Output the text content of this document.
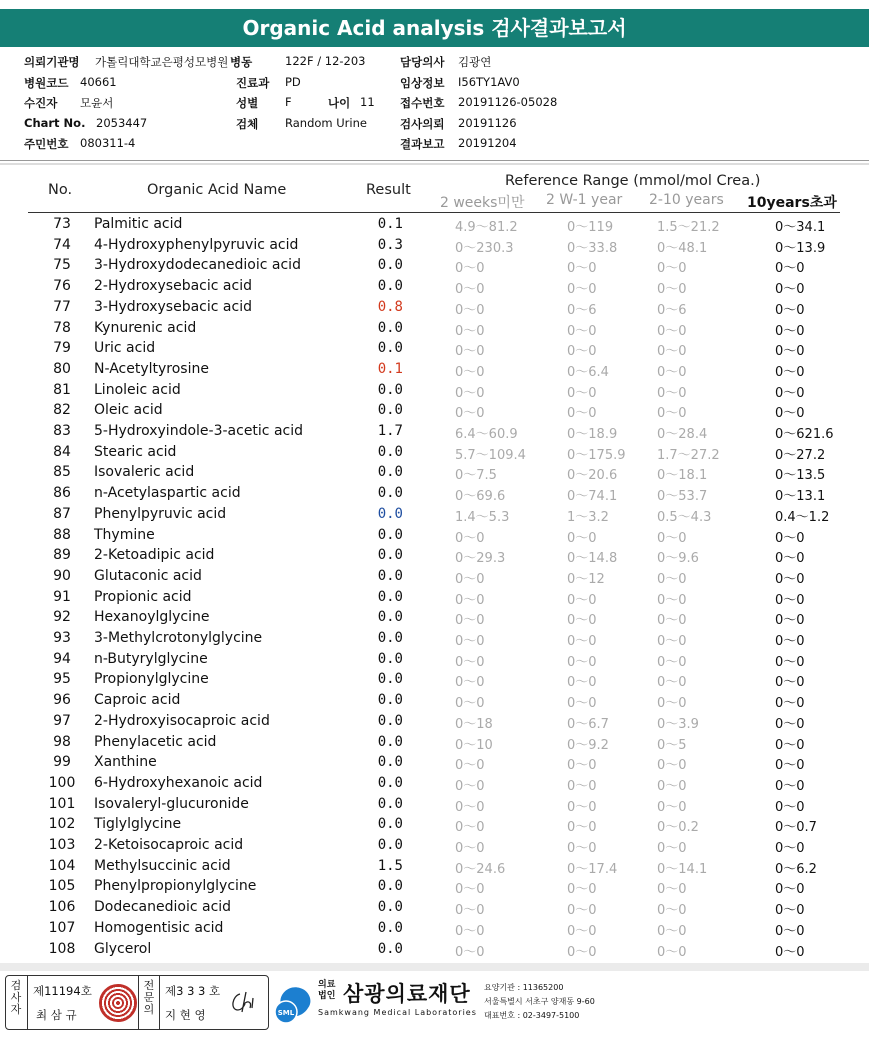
Organic Acid analysis 검사결과보고서
의뢰기관명 가톨릭대학교은평성모병원 병동	122F / 12-203	담당의사 김광연
병원코드 40661	진료과 PD	임상정보 I56TY1AV0
수진자 모윤서	성별 F	나이 11 접수번호 20191126-05028
Chart No. 2053447	검체 Random Urine	검사의뢰 20191126
주민번호 080311-4	결과보고 20191204
No.	Organic Acid Name	Result
Reference Range (mmol/mol Crea.)
2 weeks미만 2 W-1 year 2-10 years 10years초과
73	Palmitic acid	0.1	4.9～81.2	0～119	1.5～21.2	0～34.1
74	4-Hydroxyphenylpyruvic acid	0.3	0～230.3	0～33.8	0～48.1	0～13.9
75	3-Hydroxydodecanedioic acid	0.0	0～0	0～0	0～0	0～0
76	2-Hydroxysebacic acid	0.0	0～0	0～0	0～0	0～0
77	3-Hydroxysebacic acid	0.8	0～0	0～6	0～6	0～0
78	Kynurenic acid	0.0	0～0	0～0	0～0	0～0
79	Uric acid	0.0	0～0	0～0	0～0	0～0
80	N-Acetyltyrosine	0.1	0～0	0～6.4	0～0	0～0
81	Linoleic acid	0.0	0～0	0～0	0～0	0～0
82	Oleic acid	0.0	0～0	0～0	0～0	0～0
83	5-Hydroxyindole-3-acetic acid	1.7	6.4～60.9	0～18.9	0～28.4	0～621.6
84	Stearic acid	0.0	5.7～109.4	0～175.9	1.7～27.2	0～27.2
85	Isovaleric acid	0.0	0～7.5	0～20.6	0～18.1	0～13.5
86	n-Acetylaspartic acid	0.0	0～69.6	0～74.1	0～53.7	0～13.1
87	Phenylpyruvic acid	0.0	1.4～5.3	1～3.2	0.5～4.3	0.4～1.2
88	Thymine	0.0	0～0	0～0	0～0	0～0
89	2-Ketoadipic acid	0.0	0～29.3	0～14.8	0～9.6	0～0
90	Glutaconic acid	0.0	0～0	0～12	0～0	0～0
91	Propionic acid	0.0	0～0	0～0	0～0	0～0
92	Hexanoylglycine	0.0	0～0	0～0	0～0	0～0
93	3-Methylcrotonylglycine	0.0	0～0	0～0	0～0	0～0
94	n-Butyrylglycine	0.0	0～0	0～0	0～0	0～0
95	Propionylglycine	0.0	0～0	0～0	0～0	0～0
96	Caproic acid	0.0	0～0	0～0	0～0	0～0
97	2-Hydroxyisocaproic acid	0.0	0～18	0～6.7	0～3.9	0～0
98	Phenylacetic acid	0.0	0～10	0～9.2	0～5	0～0
99	Xanthine	0.0	0～0	0～0	0～0	0～0
100	6-Hydroxyhexanoic acid	0.0	0～0	0～0	0～0	0～0
101	Isovaleryl-glucuronide	0.0	0～0	0～0	0～0	0～0
102	Tiglylglycine	0.0	0～0	0～0	0～0.2	0～0.7
103	2-Ketoisocaproic acid	0.0	0～0	0～0	0～0	0～0
104	Methylsuccinic acid	1.5	0～24.6	0～17.4	0～14.1	0～6.2
105	Phenylpropionylglycine	0.0	0～0	0～0	0～0	0～0
106	Dodecanedioic acid	0.0	0～0	0～0	0～0	0～0
107	Homogentisic acid	0.0	0～0	0～0	0～0	0～0
108	Glycerol	0.0	0～0	0～0	0～0	0～0
검사자
제11194호
최 삼 규
전문의
제3 3 3 호
지 현 영	SML
의료
법인 삼광의료재단
Samkwang Medical Laboratories
요양기관 : 11365200
서울특별시 서초구 양재동 9-60
대표번호 : 02-3497-5100
